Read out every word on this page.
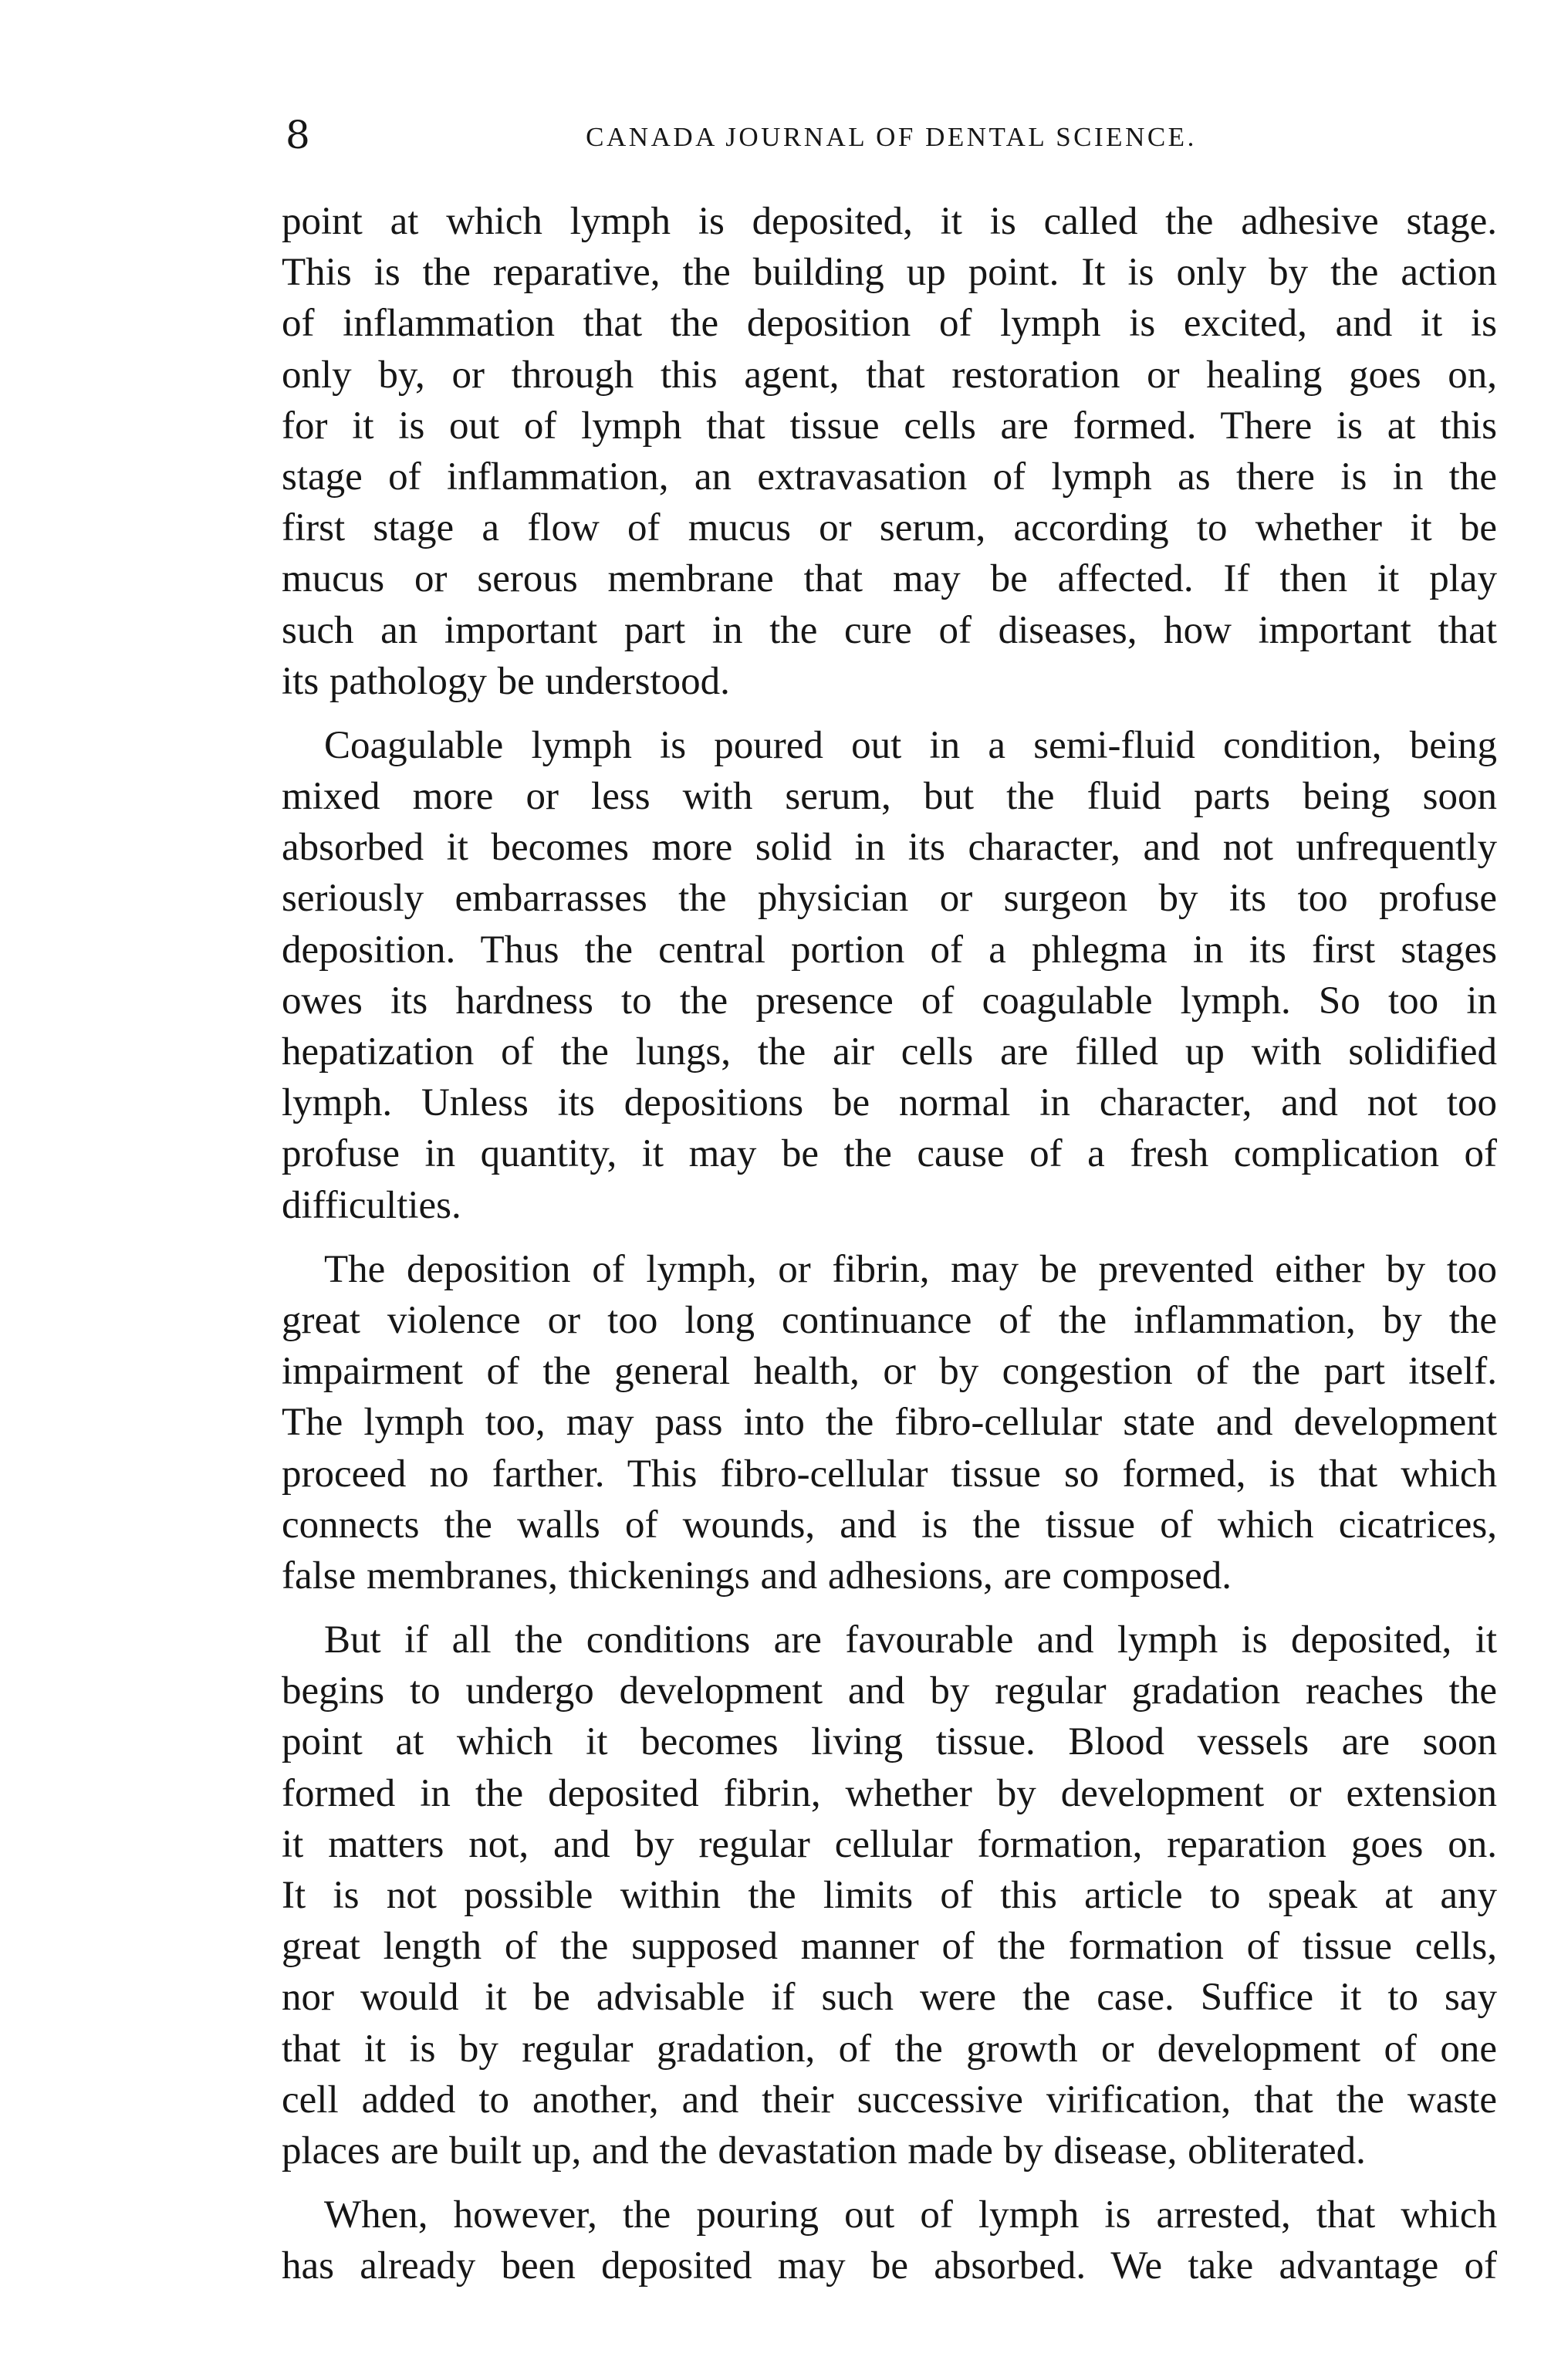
8	CANADA JOURNAL OF DENTAL SCIENCE.
point at which lymph is deposited, it is called the adhesive stage.
This is the reparative, the building up point. It is only by the action
of inflammation that the deposition of lymph is excited, and it is
only by, or through this agent, that restoration or healing goes on,
for it is out of lymph that tissue cells are formed. There is at this
stage of inflammation, an extravasation of lymph as there is in the
first stage a flow of mucus or serum, according to whether it be
mucus or serous membrane that may be affected. If then it play
such an important part in the cure of diseases, how important that
its pathology be understood.
Coagulable lymph is poured out in a semi-fluid condition, being
mixed more or less with serum, but the fluid parts being soon
absorbed it becomes more solid in its character, and not unfrequently
seriously embarrasses the physician or surgeon by its too profuse
deposition. Thus the central portion of a phlegma in its first stages
owes its hardness to the presence of coagulable lymph. So too in
hepatization of the lungs, the air cells are filled up with solidified
lymph. Unless its depositions be normal in character, and not too
profuse in quantity, it may be the cause of a fresh complication of
difficulties.
The deposition of lymph, or fibrin, may be prevented either by too
great violence or too long continuance of the inflammation, by the
impairment of the general health, or by congestion of the part itself.
The lymph too, may pass into the fibro-cellular state and development
proceed no farther. This fibro-cellular tissue so formed, is that which
connects the walls of wounds, and is the tissue of which cicatrices,
false membranes, thickenings and adhesions, are composed.
But if all the conditions are favourable and lymph is deposited, it
begins to undergo development and by regular gradation reaches the
point at which it becomes living tissue. Blood vessels are soon
formed in the deposited fibrin, whether by development or extension
it matters not, and by regular cellular formation, reparation goes on.
It is not possible within the limits of this article to speak at any
great length of the supposed manner of the formation of tissue cells,
nor would it be advisable if such were the case. Suffice it to say
that it is by regular gradation, of the growth or development of one
cell added to another, and their successive virification, that the waste
places are built up, and the devastation made by disease, obliterated.
When, however, the pouring out of lymph is arrested, that which
has already been deposited may be absorbed. We take advantage of
